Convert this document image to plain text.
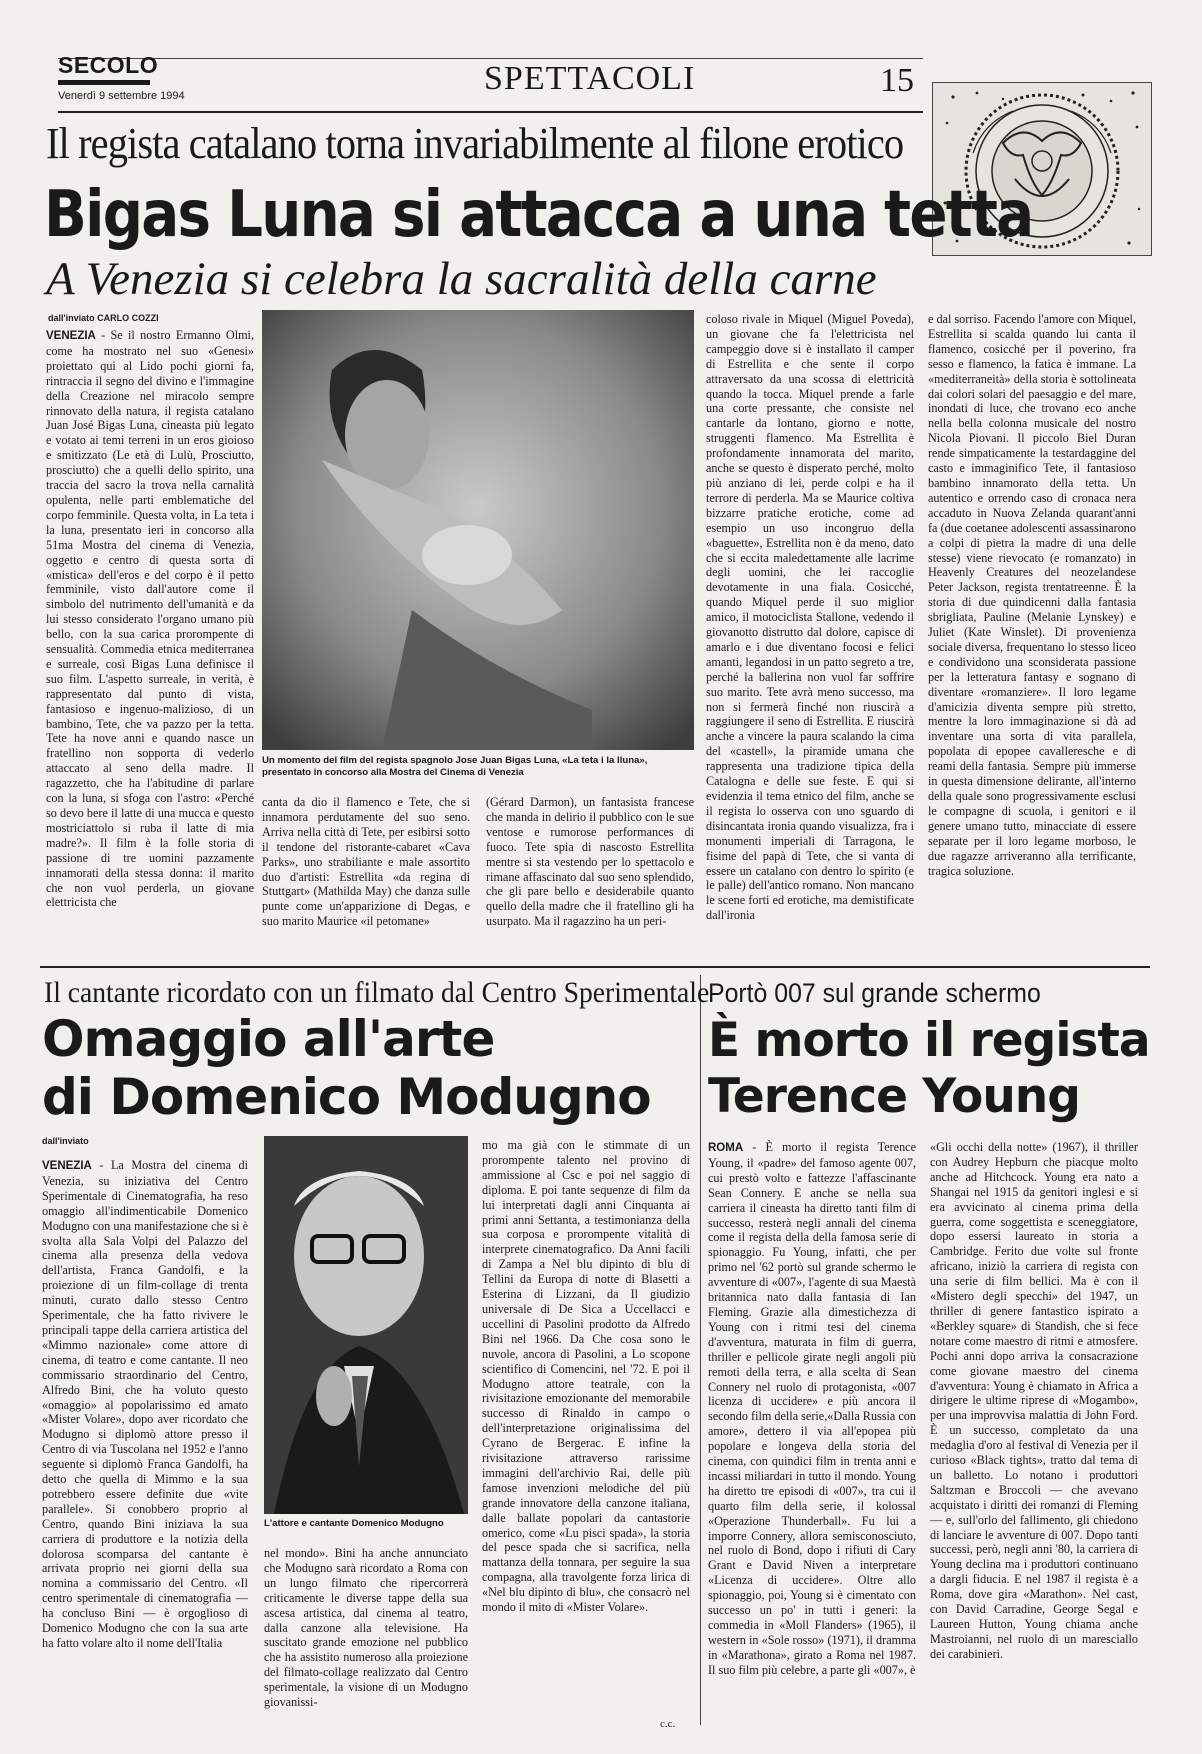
SECOLO
Venerdì 9 settembre 1994	SPETTACOLI	15
Il regista catalano torna invariabilmente al filone erotico
Bigas Luna si attacca a una tetta
A Venezia si celebra la sacralità della carne
dall'inviato CARLO COZZI
VENEZIA - Se il nostro Ermanno Olmi, come ha mostrato nel suo «Genesi» proiettato qui al Lido pochi giorni fa, rintraccia il segno del divino e l'immagine della Creazione nel miracolo sempre rinnovato della natura, il regista catalano Juan José Bigas Luna, cineasta più legato e votato ai temi terreni in un eros gioioso e smitizzato (Le età di Lulù, Prosciutto, prosciutto) che a quelli dello spirito, una traccia del sacro la trova nella carnalità opulenta, nelle parti emblematiche del corpo femminile. Questa volta, in La teta i la luna, presentato ieri in concorso alla 51ma Mostra del cinema di Venezia, oggetto e centro di questa sorta di «mistica» dell'eros e del corpo è il petto femminile, visto dall'autore come il simbolo del nutrimento dell'umanità e da lui stesso considerato l'organo umano più bello, con la sua carica prorompente di sensualità. Commedia etnica mediterranea e surreale, così Bigas Luna definisce il suo film. L'aspetto surreale, in verità, è rappresentato dal punto di vista, fantasioso e ingenuo-malizioso, di un bambino, Tete, che va pazzo per la tetta. Tete ha nove anni e quando nasce un fratellino non sopporta di vederlo attaccato al seno della madre. Il ragazzetto, che ha l'abitudine di parlare con la luna, si sfoga con l'astro: «Perché so devo bere il latte di una mucca e questo mostriciattolo si ruba il latte di mia madre?». Il film è la folle storia di passione di tre uomini pazzamente innamorati della stessa donna: il marito che non vuol perderla, un giovane elettricista che
Un momento del film del regista spagnolo Jose Juan Bigas Luna, «La teta i la lluna», presentato in concorso alla Mostra del Cinema di Venezia
canta da dio il flamenco e Tete, che si innamora perdutamente del suo seno. Arriva nella città di Tete, per esibirsi sotto il tendone del ristorante-cabaret «Cava Parks», uno strabiliante e male assortito duo d'artisti: Estrellita «da regina di Stuttgart» (Mathilda May) che danza sulle punte come un'apparizione di Degas, e suo marito Maurice «il petomane»
(Gérard Darmon), un fantasista francese che manda in delirio il pubblico con le sue ventose e rumorose performances di fuoco. Tete spia di nascosto Estrellita mentre si sta vestendo per lo spettacolo e rimane affascinato dal suo seno splendido, che gli pare bello e desiderabile quanto quello della madre che il fratellino gli ha usurpato. Ma il ragazzino ha un peri-
coloso rivale in Miquel (Miguel Poveda), un giovane che fa l'elettricista nel campeggio dove si è installato il camper di Estrellita e che sente il corpo attraversato da una scossa di elettricità quando la tocca. Miquel prende a farle una corte pressante, che consiste nel cantarle da lontano, giorno e notte, struggenti flamenco. Ma Estrellita è profondamente innamorata del marito, anche se questo è disperato perché, molto più anziano di lei, perde colpi e ha il terrore di perderla. Ma se Maurice coltiva bizzarre pratiche erotiche, come ad esempio un uso incongruo della «baguette», Estrellita non è da meno, dato che si eccita maledettamente alle lacrime degli uomini, che lei raccoglie devotamente in una fiala. Cosicché, quando Miquel perde il suo miglior amico, il motociclista Stallone, vedendo il giovanotto distrutto dal dolore, capisce di amarlo e i due diventano focosi e felici amanti, legandosi in un patto segreto a tre, perché la ballerina non vuol far soffrire suo marito. Tete avrà meno successo, ma non si fermerà finché non riuscirà a raggiungere il seno di Estrellita. E riuscirà anche a vincere la paura scalando la cima del «castell», la piramide umana che rappresenta una tradizione tipica della Catalogna e delle sue feste. E qui si evidenzia il tema etnico del film, anche se il regista lo osserva con uno sguardo di disincantata ironia quando visualizza, fra i monumenti imperiali di Tarragona, le fisime del papà di Tete, che si vanta di essere un catalano con dentro lo spirito (e le palle) dell'antico romano. Non mancano le scene forti ed erotiche, ma demistificate dall'ironia
e dal sorriso. Facendo l'amore con Miquel, Estrellita si scalda quando lui canta il flamenco, cosicché per il poverino, fra sesso e flamenco, la fatica è immane. La «mediterraneità» della storia è sottolineata dai colori solari del paesaggio e del mare, inondati di luce, che trovano eco anche nella bella colonna musicale del nostro Nicola Piovani. Il piccolo Biel Duran rende simpaticamente la testardaggine del casto e immaginifico Tete, il fantasioso bambino innamorato della tetta. Un autentico e orrendo caso di cronaca nera accaduto in Nuova Zelanda quarant'anni fa (due coetanee adolescenti assassinarono a colpi di pietra la madre di una delle stesse) viene rievocato (e romanzato) in Heavenly Creatures del neozelandese Peter Jackson, regista trentatreenne. È la storia di due quindicenni dalla fantasia sbrigliata, Pauline (Melanie Lynskey) e Juliet (Kate Winslet). Di provenienza sociale diversa, frequentano lo stesso liceo e condividono una sconsiderata passione per la letteratura fantasy e sognano di diventare «romanziere». Il loro legame d'amicizia diventa sempre più stretto, mentre la loro immaginazione si dà ad inventare una sorta di vita parallela, popolata di epopee cavalleresche e di reami della fantasia. Sempre più immerse in questa dimensione delirante, all'interno della quale sono progressivamente esclusi le compagne di scuola, i genitori e il genere umano tutto, minacciate di essere separate per il loro legame morboso, le due ragazze arriveranno alla terrificante, tragica soluzione.
Il cantante ricordato con un filmato dal Centro Sperimentale
Omaggio all'arte
di Domenico Modugno
dall'inviato
VENEZIA - La Mostra del cinema di Venezia, su iniziativa del Centro Sperimentale di Cinematografia, ha reso omaggio all'indimenticabile Domenico Modugno con una manifestazione che si è svolta alla Sala Volpi del Palazzo del cinema alla presenza della vedova dell'artista, Franca Gandolfi, e la proiezione di un film-collage di trenta minuti, curato dallo stesso Centro Sperimentale, che ha fatto rivivere le principali tappe della carriera artistica del «Mimmo nazionale» come attore di cinema, di teatro e come cantante. Il neo commissario straordinario del Centro, Alfredo Bini, che ha voluto questo «omaggio» al popolarissimo ed amato «Mister Volare», dopo aver ricordato che Modugno si diplomò attore presso il Centro di via Tuscolana nel 1952 e l'anno seguente si diplomò Franca Gandolfi, ha detto che quella di Mimmo e la sua potrebbero essere definite due «vite parallele». Si conobbero proprio al Centro, quando Bini iniziava la sua carriera di produttore e la notizia della dolorosa scomparsa del cantante è arrivata proprio nei giorni della sua nomina a commissario del Centro. «Il centro sperimentale di cinematografia — ha concluso Bini — è orgoglioso di Domenico Modugno che con la sua arte ha fatto volare alto il nome dell'Italia
L'attore e cantante Domenico Modugno
nel mondo». Bini ha anche annunciato che Modugno sarà ricordato a Roma con un lungo filmato che ripercorrerà criticamente le diverse tappe della sua ascesa artistica, dal cinema al teatro, dalla canzone alla televisione. Ha suscitato grande emozione nel pubblico che ha assistito numeroso alla proiezione del filmato-collage realizzato dal Centro sperimentale, la visione di un Modugno giovanissi-
mo ma già con le stimmate di un prorompente talento nel provino di ammissione al Csc e poi nel saggio di diploma. E poi tante sequenze di film da lui interpretati dagli anni Cinquanta ai primi anni Settanta, a testimonianza della sua corposa e prorompente vitalità di interprete cinematografico. Da Anni facili di Zampa a Nel blu dipinto di blu di Tellini da Europa di notte di Blasetti a Esterina di Lizzani, da Il giudizio universale di De Sica a Uccellacci e uccellini di Pasolini prodotto da Alfredo Bini nel 1966. Da Che cosa sono le nuvole, ancora di Pasolini, a Lo scopone scientifico di Comencini, nel '72. E poi il Modugno attore teatrale, con la rivisitazione emozionante del memorabile successo di Rinaldo in campo o dell'interpretazione originalissima del Cyrano de Bergerac. E infine la rivisitazione attraverso rarissime immagini dell'archivio Rai, delle più famose invenzioni melodiche del più grande innovatore della canzone italiana, dalle ballate popolari da cantastorie omerico, come «Lu pisci spada», la storia del pesce spada che si sacrifica, nella mattanza della tonnara, per seguire la sua compagna, alla travolgente forza lirica di «Nel blu dipinto di blu», che consacrò nel mondo il mito di «Mister Volare».
c.c.
Portò 007 sul grande schermo
È morto il regista
Terence Young
ROMA - È morto il regista Terence Young, il «padre» del famoso agente 007, cui prestò volto e fattezze l'affascinante Sean Connery. E anche se nella sua carriera il cineasta ha diretto tanti film di successo, resterà negli annali del cinema come il regista della della famosa serie di spionaggio. Fu Young, infatti, che per primo nel '62 portò sul grande schermo le avventure di «007», l'agente di sua Maestà britannica nato dalla fantasia di Ian Fleming. Grazie alla dimestichezza di Young con i ritmi tesi del cinema d'avventura, maturata in film di guerra, thriller e pellicole girate negli angoli più remoti della terra, e alla scelta di Sean Connery nel ruolo di protagonista, «007 licenza di uccidere» e più ancora il secondo film della serie,«Dalla Russia con amore», dettero il via all'epopea più popolare e longeva della storia del cinema, con quindici film in trenta anni e incassi miliardari in tutto il mondo. Young ha diretto tre episodi di «007», tra cui il quarto film della serie, il kolossal «Operazione Thunderball». Fu lui a imporre Connery, allora semisconosciuto, nel ruolo di Bond, dopo i rifiuti di Cary Grant e David Niven a interpretare «Licenza di uccidere». Oltre allo spionaggio, poi, Young si è cimentato con successo un po' in tutti i generi: la commedia in «Moll Flanders» (1965), il western in «Sole rosso» (1971), il dramma in «Marathona», girato a Roma nel 1987. Il suo film più celebre, a parte gli «007», è
«Gli occhi della notte» (1967), il thriller con Audrey Hepburn che piacque molto anche ad Hitchcock. Young era nato a Shangai nel 1915 da genitori inglesi e si era avvicinato al cinema prima della guerra, come soggettista e sceneggiatore, dopo essersi laureato in storia a Cambridge. Ferito due volte sul fronte africano, iniziò la carriera di regista con una serie di film bellici. Ma è con il «Mistero degli specchi» del 1947, un thriller di genere fantastico ispirato a «Berkley square» di Standish, che si fece notare come maestro di ritmi e atmosfere. Pochi anni dopo arriva la consacrazione come giovane maestro del cinema d'avventura: Young è chiamato in Africa a dirigere le ultime riprese di «Mogambo», per una improvvisa malattia di John Ford. È un successo, completato da una medaglia d'oro al festival di Venezia per il curioso «Black tights», tratto dal tema di un balletto. Lo notano i produttori Saltzman e Broccoli — che avevano acquistato i diritti dei romanzi di Fleming — e, sull'orlo del fallimento, gli chiedono di lanciare le avventure di 007. Dopo tanti successi, però, negli anni '80, la carriera di Young declina ma i produttori continuano a dargli fiducia. E nel 1987 il regista è a Roma, dove gira «Marathon». Nel cast, con David Carradine, George Segal e Laureen Hutton, Young chiama anche Mastroianni, nel ruolo di un maresciallo dei carabinieri.
